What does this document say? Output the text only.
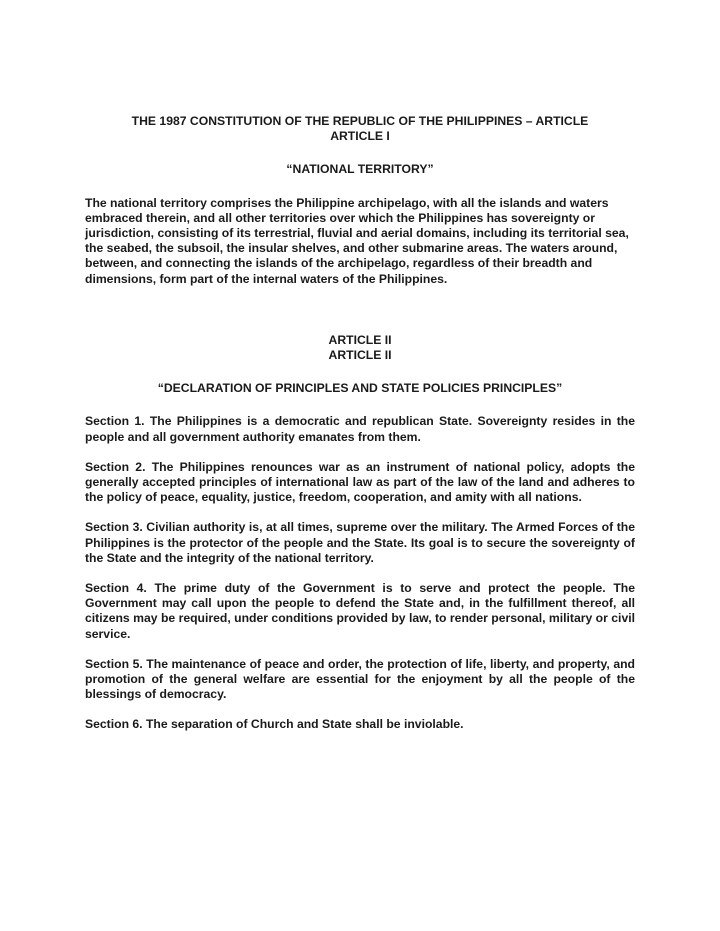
THE 1987 CONSTITUTION OF THE REPUBLIC OF THE PHILIPPINES – ARTICLE
ARTICLE I
“NATIONAL TERRITORY”

The national territory comprises the Philippine archipelago, with all the islands and waters embraced therein, and all other territories over which the Philippines has sovereignty or jurisdiction, consisting of its terrestrial, fluvial and aerial domains, including its territorial sea, the seabed, the subsoil, the insular shelves, and other submarine areas. The waters around, between, and connecting the islands of the archipelago, regardless of their breadth and dimensions, form part of the internal waters of the Philippines.

ARTICLE II
ARTICLE II
“DECLARATION OF PRINCIPLES AND STATE POLICIES PRINCIPLES”

Section 1. The Philippines is a democratic and republican State. Sovereignty resides in the people and all government authority emanates from them.

Section 2. The Philippines renounces war as an instrument of national policy, adopts the generally accepted principles of international law as part of the law of the land and adheres to the policy of peace, equality, justice, freedom, cooperation, and amity with all nations.

Section 3. Civilian authority is, at all times, supreme over the military. The Armed Forces of the Philippines is the protector of the people and the State. Its goal is to secure the sovereignty of the State and the integrity of the national territory.

Section 4. The prime duty of the Government is to serve and protect the people. The Government may call upon the people to defend the State and, in the fulfillment thereof, all citizens may be required, under conditions provided by law, to render personal, military or civil service.

Section 5. The maintenance of peace and order, the protection of life, liberty, and property, and promotion of the general welfare are essential for the enjoyment by all the people of the blessings of democracy.

Section 6. The separation of Church and State shall be inviolable.
